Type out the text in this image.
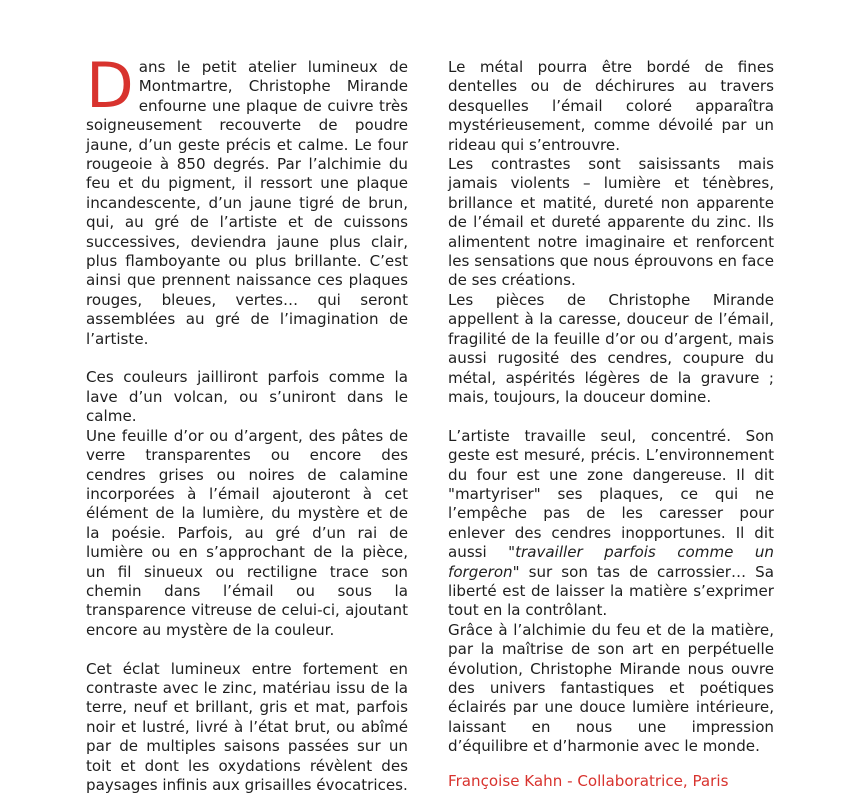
Dans le petit atelier lumineux de Montmartre, Christophe Mirande enfourne une plaque de cuivre très soigneusement recouverte de poudre jaune, d’un geste précis et calme. Le four rougeoie à 850 degrés. Par l’alchimie du feu et du pigment, il ressort une plaque incandescente, d’un jaune tigré de brun, qui, au gré de l’artiste et de cuissons successives, deviendra jaune plus clair, plus flamboyante ou plus brillante. C’est ainsi que prennent naissance ces plaques rouges, bleues, vertes… qui seront assemblées au gré de l’imagination de l’artiste.

Ces couleurs jailliront parfois comme la lave d’un volcan, ou s’uniront dans le calme.

Une feuille d’or ou d’argent, des pâtes de verre transparentes ou encore des cendres grises ou noires de calamine incorporées à l’émail ajouteront à cet élément de la lumière, du mystère et de la poésie. Parfois, au gré d’un rai de lumière ou en s’approchant de la pièce, un fil sinueux ou rectiligne trace son chemin dans l’émail ou sous la transparence vitreuse de celui-ci, ajoutant encore au mystère de la couleur.

Cet éclat lumineux entre fortement en contraste avec le zinc, matériau issu de la terre, neuf et brillant, gris et mat, parfois noir et lustré, livré à l’état brut, ou abîmé par de multiples saisons passées sur un toit et dont les oxydations révèlent des paysages infinis aux grisailles évocatrices.

Le métal pourra être bordé de fines dentelles ou de déchirures au travers desquelles l’émail coloré apparaîtra mystérieusement, comme dévoilé par un rideau qui s’entrouvre.

Les contrastes sont saisissants mais jamais violents – lumière et ténèbres, brillance et matité, dureté non apparente de l’émail et dureté apparente du zinc. Ils alimentent notre imaginaire et renforcent les sensations que nous éprouvons en face de ses créations.

Les pièces de Christophe Mirande appellent à la caresse, douceur de l’émail, fragilité de la feuille d’or ou d’argent, mais aussi rugosité des cendres, coupure du métal, aspérités légères de la gravure ; mais, toujours, la douceur domine.

L’artiste travaille seul, concentré. Son geste est mesuré, précis. L’environnement du four est une zone dangereuse. Il dit "martyriser" ses plaques, ce qui ne l’empêche pas de les caresser pour enlever des cendres inopportunes. Il dit aussi "travailler parfois comme un forgeron" sur son tas de carrossier… Sa liberté est de laisser la matière s’exprimer tout en la contrôlant.

Grâce à l’alchimie du feu et de la matière, par la maîtrise de son art en perpétuelle évolution, Christophe Mirande nous ouvre des univers fantastiques et poétiques éclairés par une douce lumière intérieure, laissant en nous une impression d’équilibre et d’harmonie avec le monde.

Françoise Kahn - Collaboratrice, Paris
